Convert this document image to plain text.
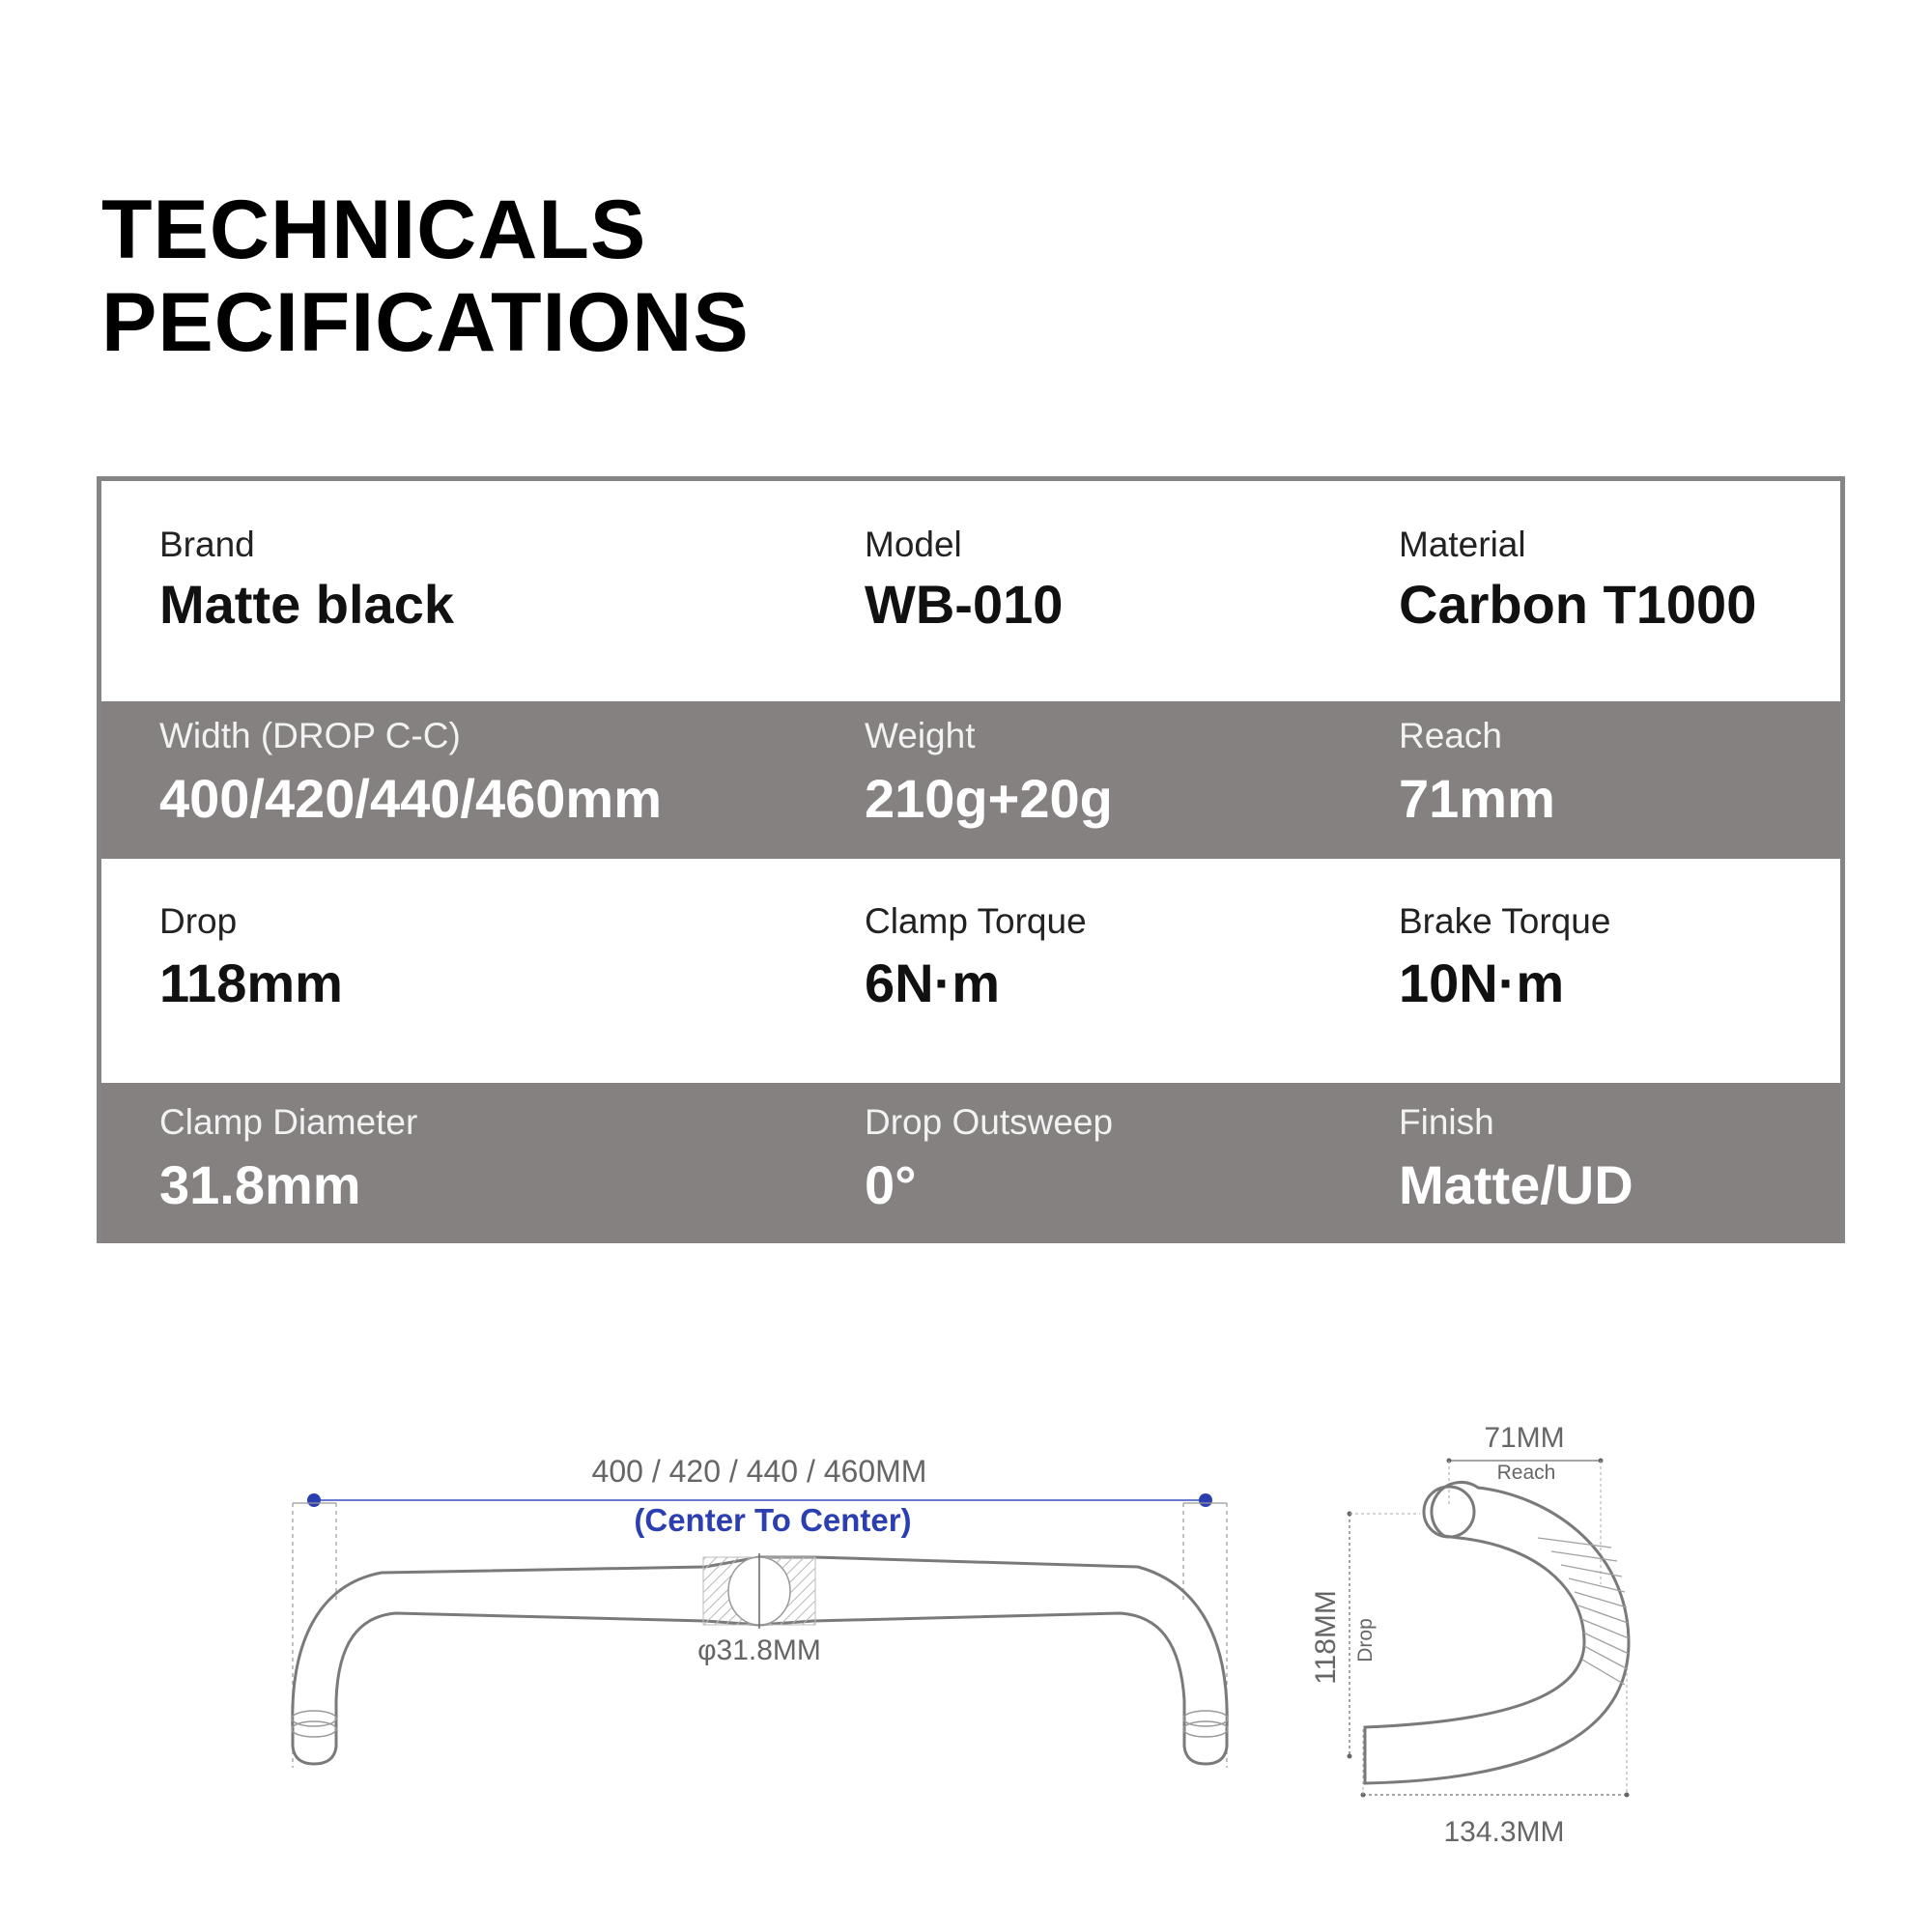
TECHNICALS
PECIFICATIONS
Brand
Matte black
Model
WB-010
Material
Carbon T1000
Width (DROP C-C)
400/420/440/460mm
Weight
210g+20g
Reach
71mm
Drop
118mm
Clamp Torque
6N·m
Brake Torque
10N·m
Clamp Diameter
31.8mm
Drop Outsweep
0°
Finish
Matte/UD
400 / 420 / 440 / 460MM
(Center To Center)
φ31.8MM
71MM
Reach
118MM Drop
134.3MM
